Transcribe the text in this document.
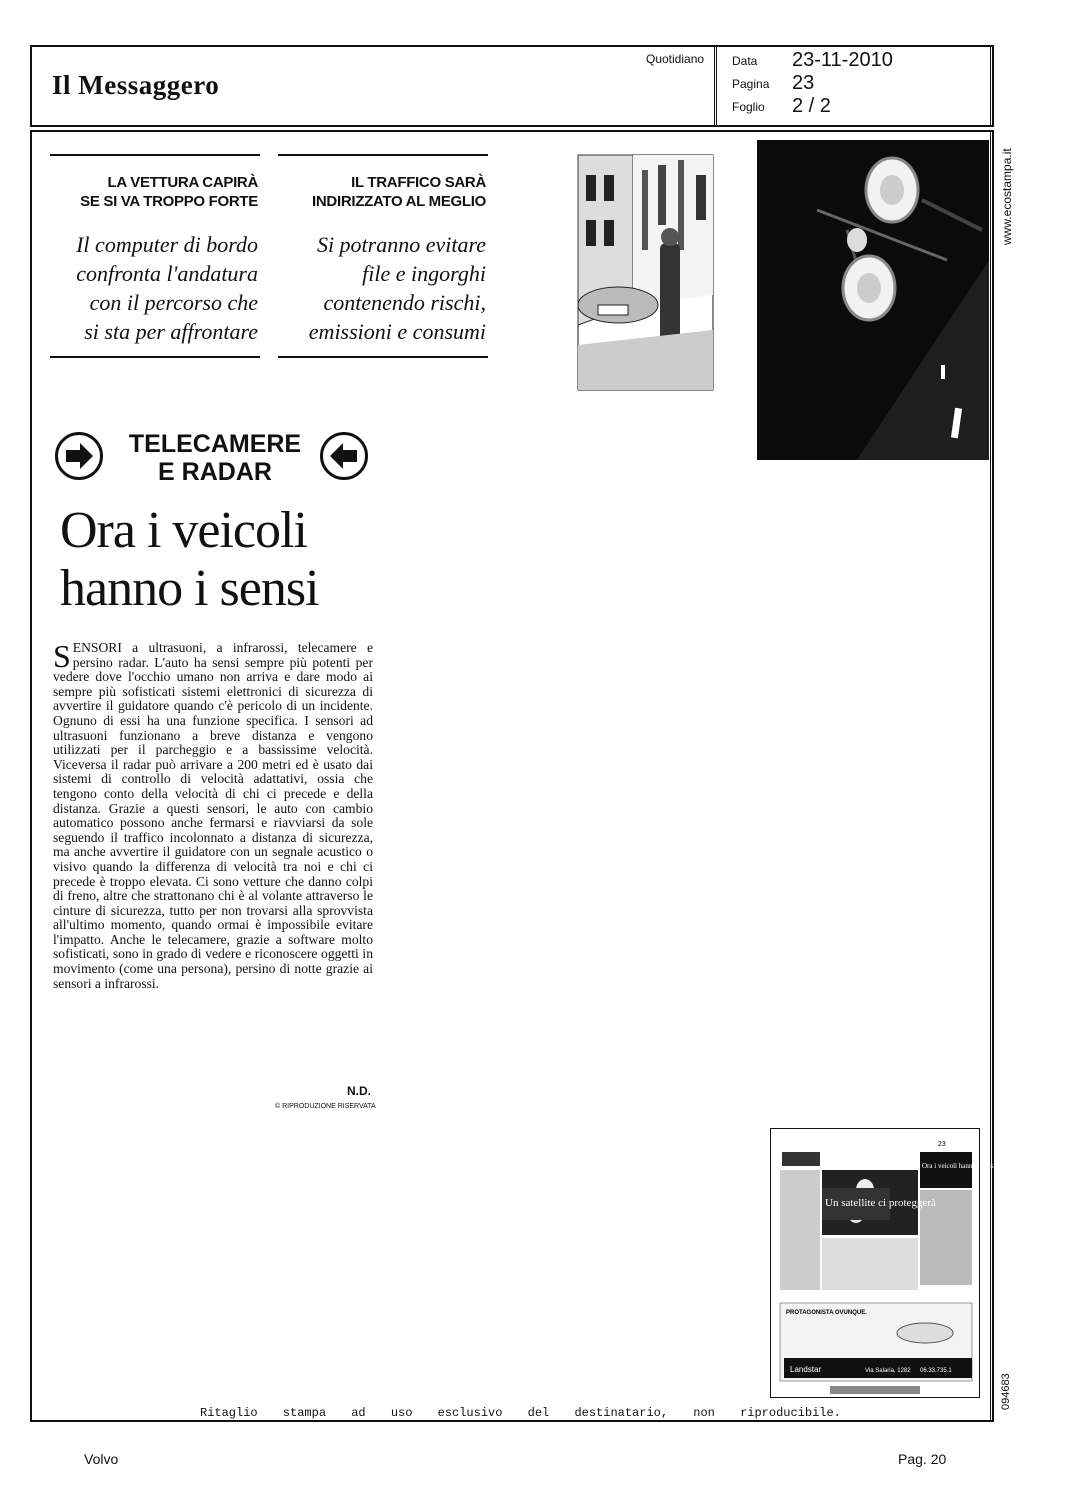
Il Messaggero
Quotidiano Data
Pagina
Foglio
23-11-2010
23
2 / 2
www.ecostampa.it
094683
LA VETTURA CAPIRÀ
SE SI VA TROPPO FORTE
Il computer di bordo
confronta l'andatura
con il percorso che
si sta per affrontare
IL TRAFFICO SARÀ
INDIRIZZATO AL MEGLIO
Si potranno evitare
file e ingorghi
contenendo rischi,
emissioni e consumi
TELECAMERE
E RADAR
Ora i veicoli
hanno i sensi
SENSORI a ultrasuoni, a infrarossi, telecamere e persino radar. L'auto ha sensi sempre più potenti per vedere dove l'occhio umano non arriva e dare modo ai sempre più sofisticati sistemi elettronici di sicurezza di avvertire il guidatore quando c'è pericolo di un incidente. Ognuno di essi ha una funzione specifica. I sensori ad ultrasuoni funzionano a breve distanza e vengono utilizzati per il parcheggio e a bassissime velocità. Viceversa il radar può arrivare a 200 metri ed è usato dai sistemi di controllo di velocità adattativi, ossia che tengono conto della velocità di chi ci precede e della distanza. Grazie a questi sensori, le auto con cambio automatico possono anche fermarsi e riavviarsi da sole seguendo il traffico incolonnato a distanza di sicurezza, ma anche avvertire il guidatore con un segnale acustico o visivo quando la differenza di velocità tra noi e chi ci precede è troppo elevata. Ci sono vetture che danno colpi di freno, altre che strattonano chi è al volante attraverso le cinture di sicurezza, tutto per non trovarsi alla sprovvista all'ultimo momento, quando ormai è impossibile evitare l'impatto. Anche le telecamere, grazie a software molto sofisticati, sono in grado di vedere e riconoscere oggetti in movimento (come una persona), persino di notte grazie ai sensori a infrarossi.
N.D.
© RIPRODUZIONE RISERVATA
23
Ora i veicoli hanno i sensi
Un satellite ci proteggerà
PROTAGONISTA OVUNQUE.
Landstar	Via Salaria, 1282 06.33.735.1
Ritaglio stampa ad uso esclusivo del destinatario, non riproducibile.
Volvo	Pag. 20
